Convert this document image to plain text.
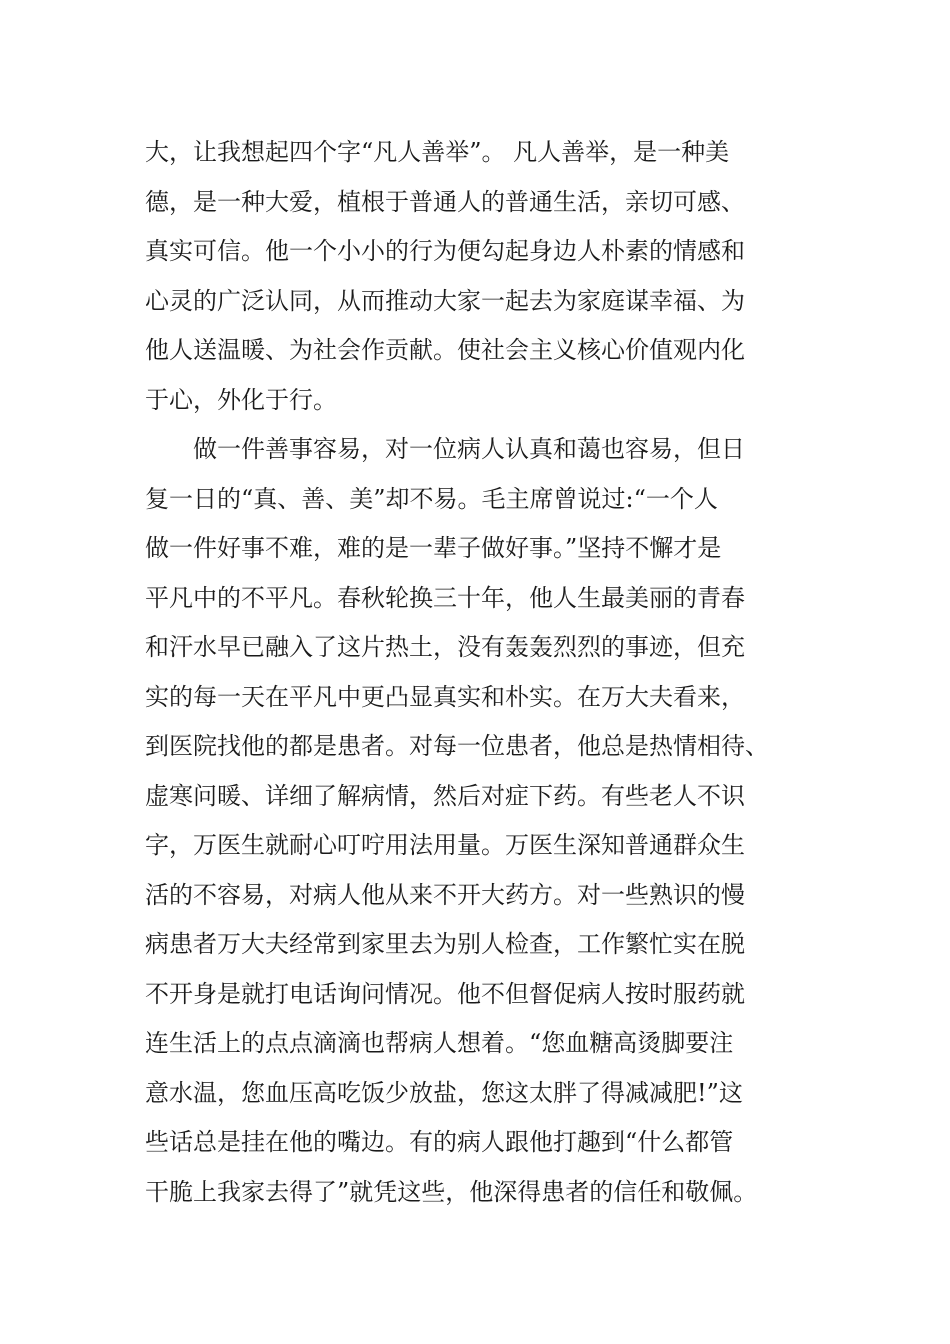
大，让我想起四个字“凡人善举”。 凡人善举，是一种美
德，是一种大爱，植根于普通人的普通生活，亲切可感、
真实可信。他一个小小的行为便勾起身边人朴素的情感和
心灵的广泛认同，从而推动大家一起去为家庭谋幸福、为
他人送温暖、为社会作贡献。使社会主义核心价值观内化
于心，外化于行。
　　做一件善事容易，对一位病人认真和蔼也容易，但日
复一日的“真、善、美”却不易。毛主席曾说过:“一个人
做一件好事不难，难的是一辈子做好事。”坚持不懈才是
平凡中的不平凡。春秋轮换三十年，他人生最美丽的青春
和汗水早已融入了这片热土，没有轰轰烈烈的事迹，但充
实的每一天在平凡中更凸显真实和朴实。在万大夫看来，
到医院找他的都是患者。对每一位患者，他总是热情相待、
虚寒问暖、详细了解病情，然后对症下药。有些老人不识
字，万医生就耐心叮咛用法用量。万医生深知普通群众生
活的不容易，对病人他从来不开大药方。对一些熟识的慢
病患者万大夫经常到家里去为别人检查，工作繁忙实在脱
不开身是就打电话询问情况。他不但督促病人按时服药就
连生活上的点点滴滴也帮病人想着。“您血糖高烫脚要注
意水温，您血压高吃饭少放盐，您这太胖了得减减肥!”这
些话总是挂在他的嘴边。有的病人跟他打趣到“什么都管
干脆上我家去得了”就凭这些，他深得患者的信任和敬佩。
